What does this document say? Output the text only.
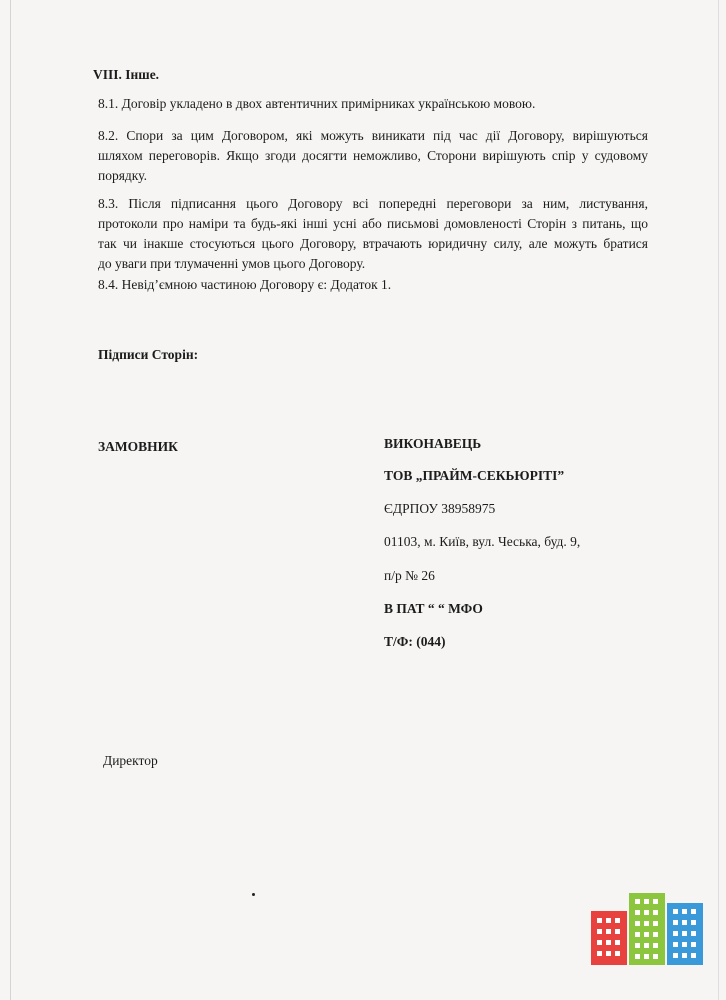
VIII. Інше.
8.1. Договір укладено в двох автентичних примірниках українською мовою.
8.2. Спори за цим Договором, які можуть виникати під час дії Договору, вирішуються
шляхом переговорів. Якщо згоди досягти неможливо, Сторони вирішують спір у судовому
порядку.
8.3. Після підписання цього Договору всі попередні переговори за ним, листування,
протоколи про наміри та будь-які інші усні або письмові домовленості Сторін з питань, що
так чи інакше стосуються цього Договору, втрачають юридичну силу, але можуть братися
до уваги при тлумаченні умов цього Договору.
8.4. Невід’ємною частиною Договору є: Додаток 1.
Підписи Сторін:
ЗАМОВНИК
Директор
ВИКОНАВЕЦЬ
ТОВ „ПРАЙМ-СЕКЬЮРІТІ”
ЄДРПОУ 38958975
01103, м. Київ, вул. Чеська, буд. 9,
п/р № 26
В ПАТ “ “ МФО
Т/Ф: (044)
